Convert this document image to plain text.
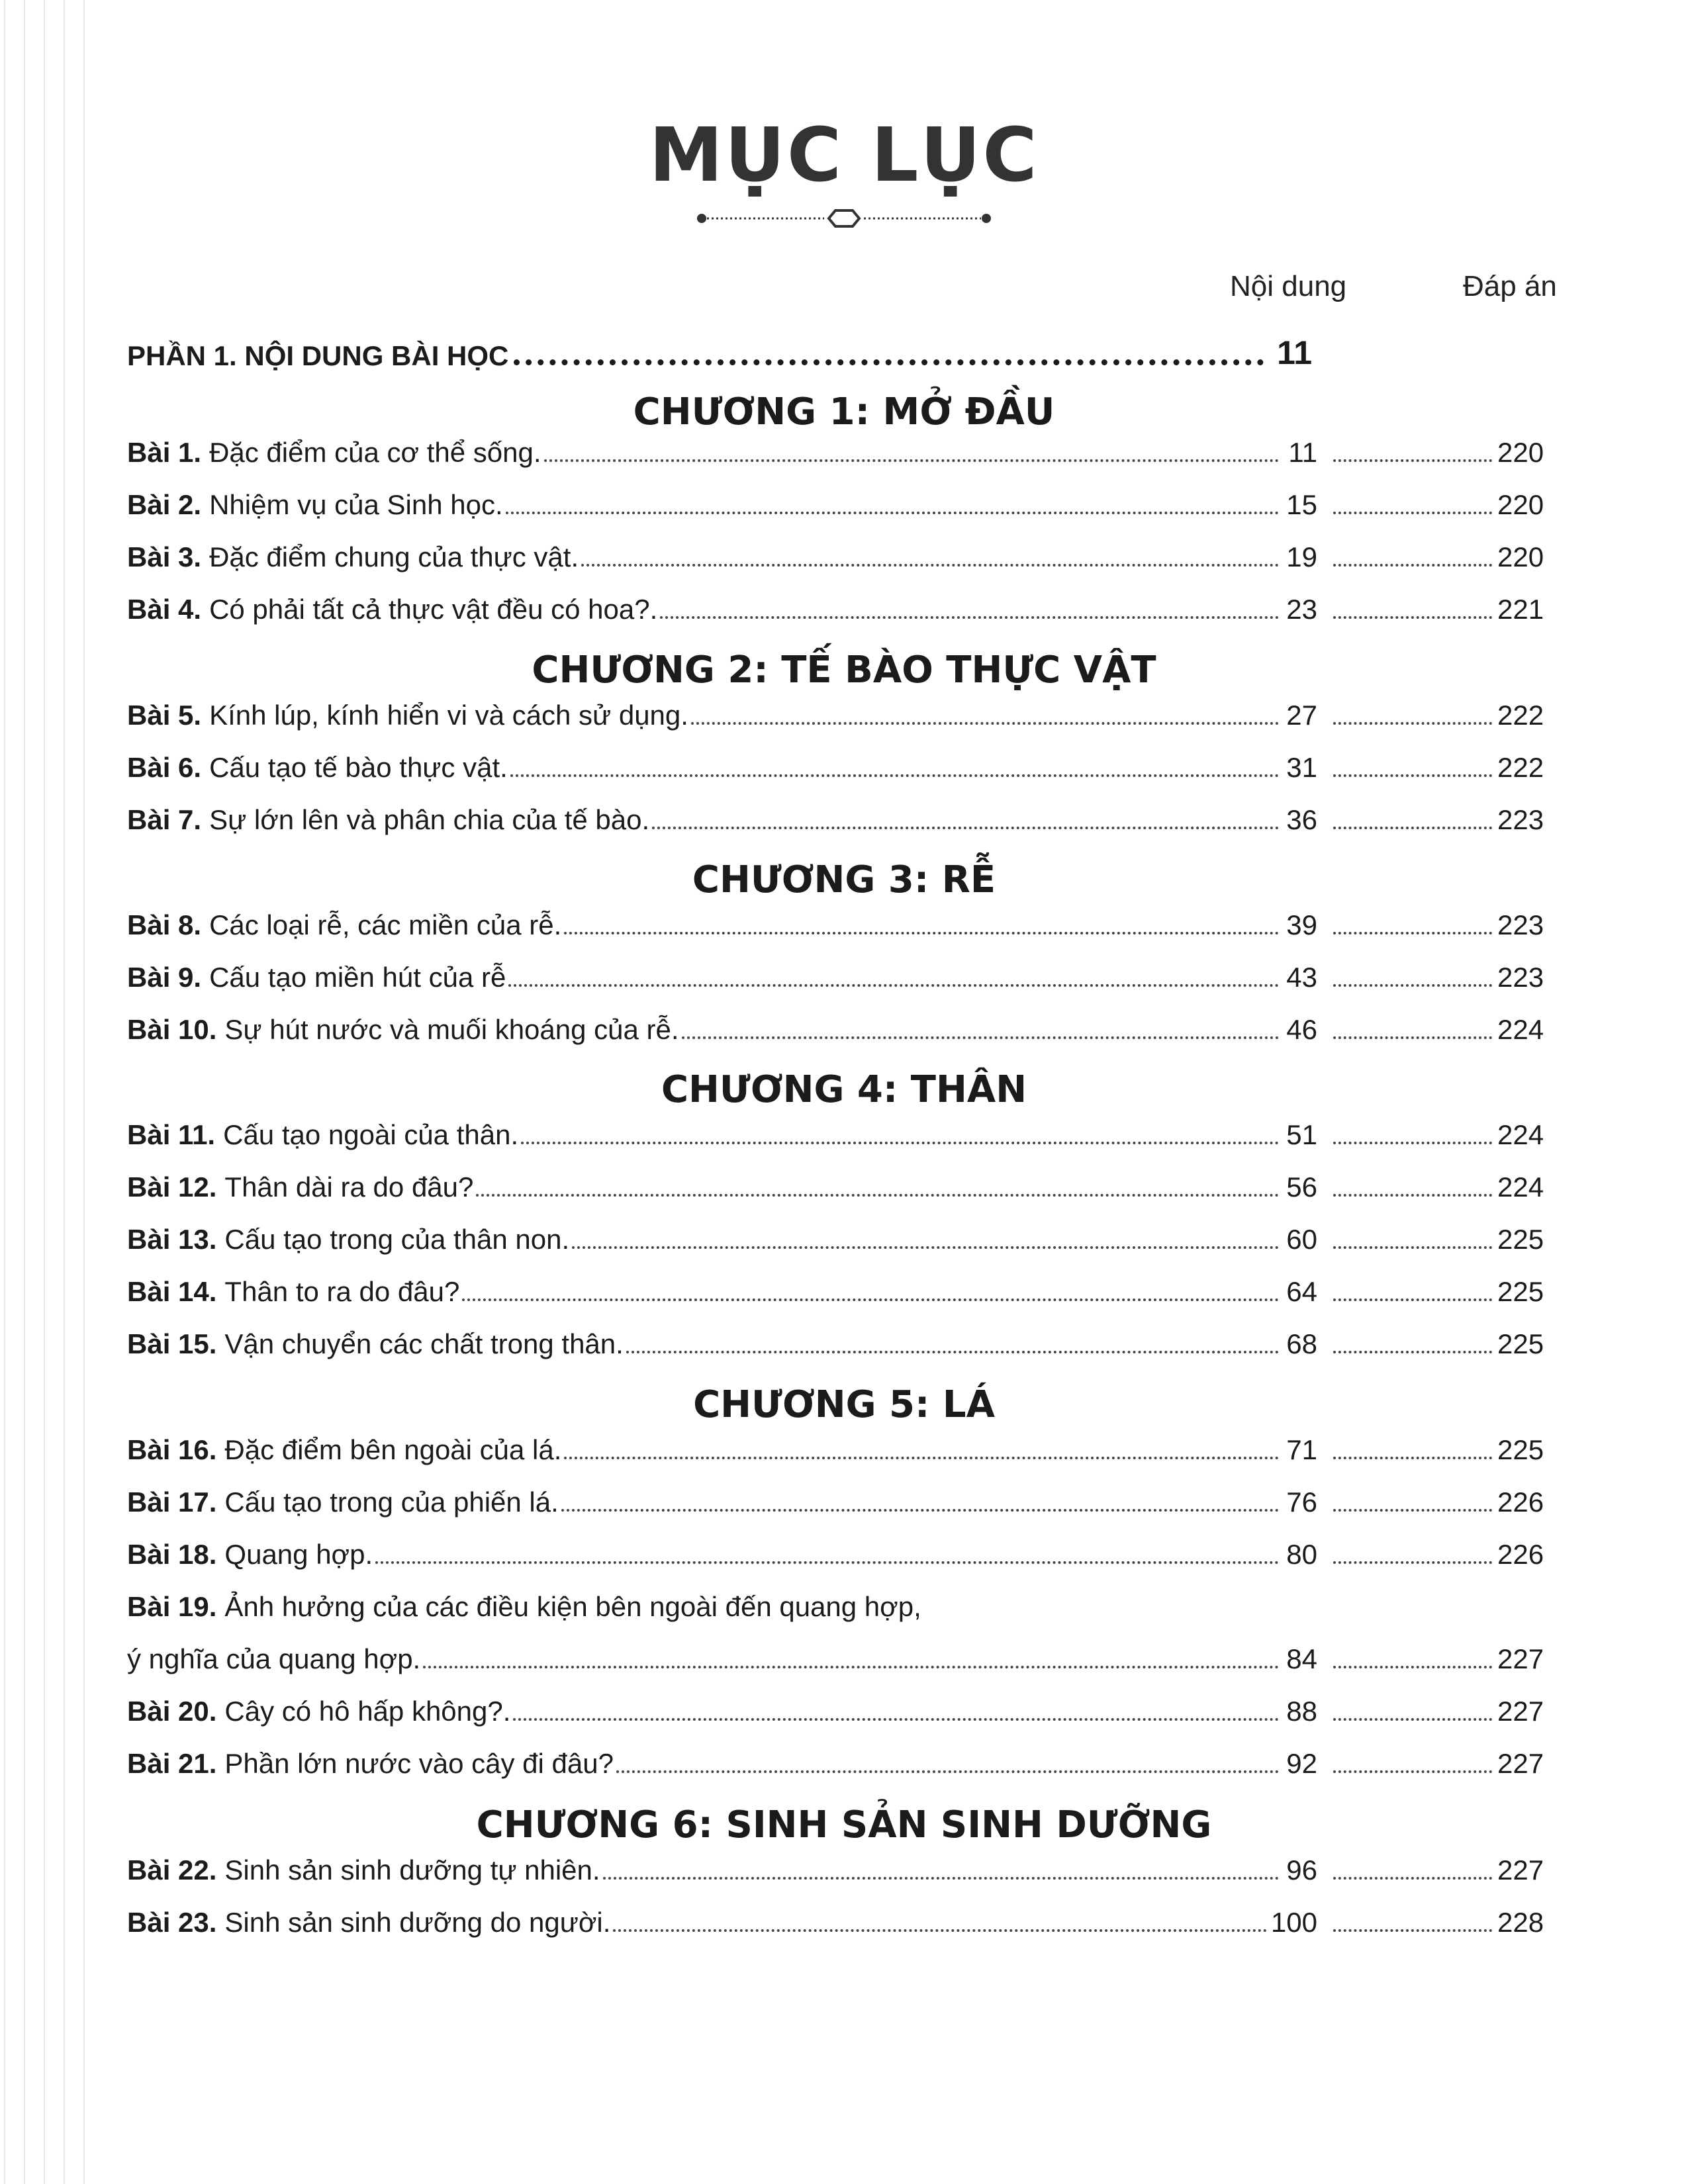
MỤC LỤC
Nội dung	Đáp án
PHẦN 1. NỘI DUNG BÀI HỌC	11
CHƯƠNG 1: MỞ ĐẦU
Bài 1. Đặc điểm của cơ thể sống.	11	220
Bài 2. Nhiệm vụ của Sinh học.	15	220
Bài 3. Đặc điểm chung của thực vật.	19	220
Bài 4. Có phải tất cả thực vật đều có hoa?.	23	221
CHƯƠNG 2: TẾ BÀO THỰC VẬT
Bài 5. Kính lúp, kính hiển vi và cách sử dụng.	27	222
Bài 6. Cấu tạo tế bào thực vật.	31	222
Bài 7. Sự lớn lên và phân chia của tế bào.	36	223
CHƯƠNG 3: RỄ
Bài 8. Các loại rễ, các miền của rễ.	39	223
Bài 9. Cấu tạo miền hút của rễ	43	223
Bài 10. Sự hút nước và muối khoáng của rễ.	46	224
CHƯƠNG 4: THÂN
Bài 11. Cấu tạo ngoài của thân.	51	224
Bài 12. Thân dài ra do đâu?	56	224
Bài 13. Cấu tạo trong của thân non.	60	225
Bài 14. Thân to ra do đâu?	64	225
Bài 15. Vận chuyển các chất trong thân.	68	225
CHƯƠNG 5: LÁ
Bài 16. Đặc điểm bên ngoài của lá.	71	225
Bài 17. Cấu tạo trong của phiến lá.	76	226
Bài 18. Quang hợp.	80	226
Bài 19. Ảnh hưởng của các điều kiện bên ngoài đến quang hợp,
ý nghĩa của quang hợp.	84	227
Bài 20. Cây có hô hấp không?.	88	227
Bài 21. Phần lớn nước vào cây đi đâu?	92	227
CHƯƠNG 6: SINH SẢN SINH DƯỠNG
Bài 22. Sinh sản sinh dưỡng tự nhiên.	96	227
Bài 23. Sinh sản sinh dưỡng do người.	100	228
